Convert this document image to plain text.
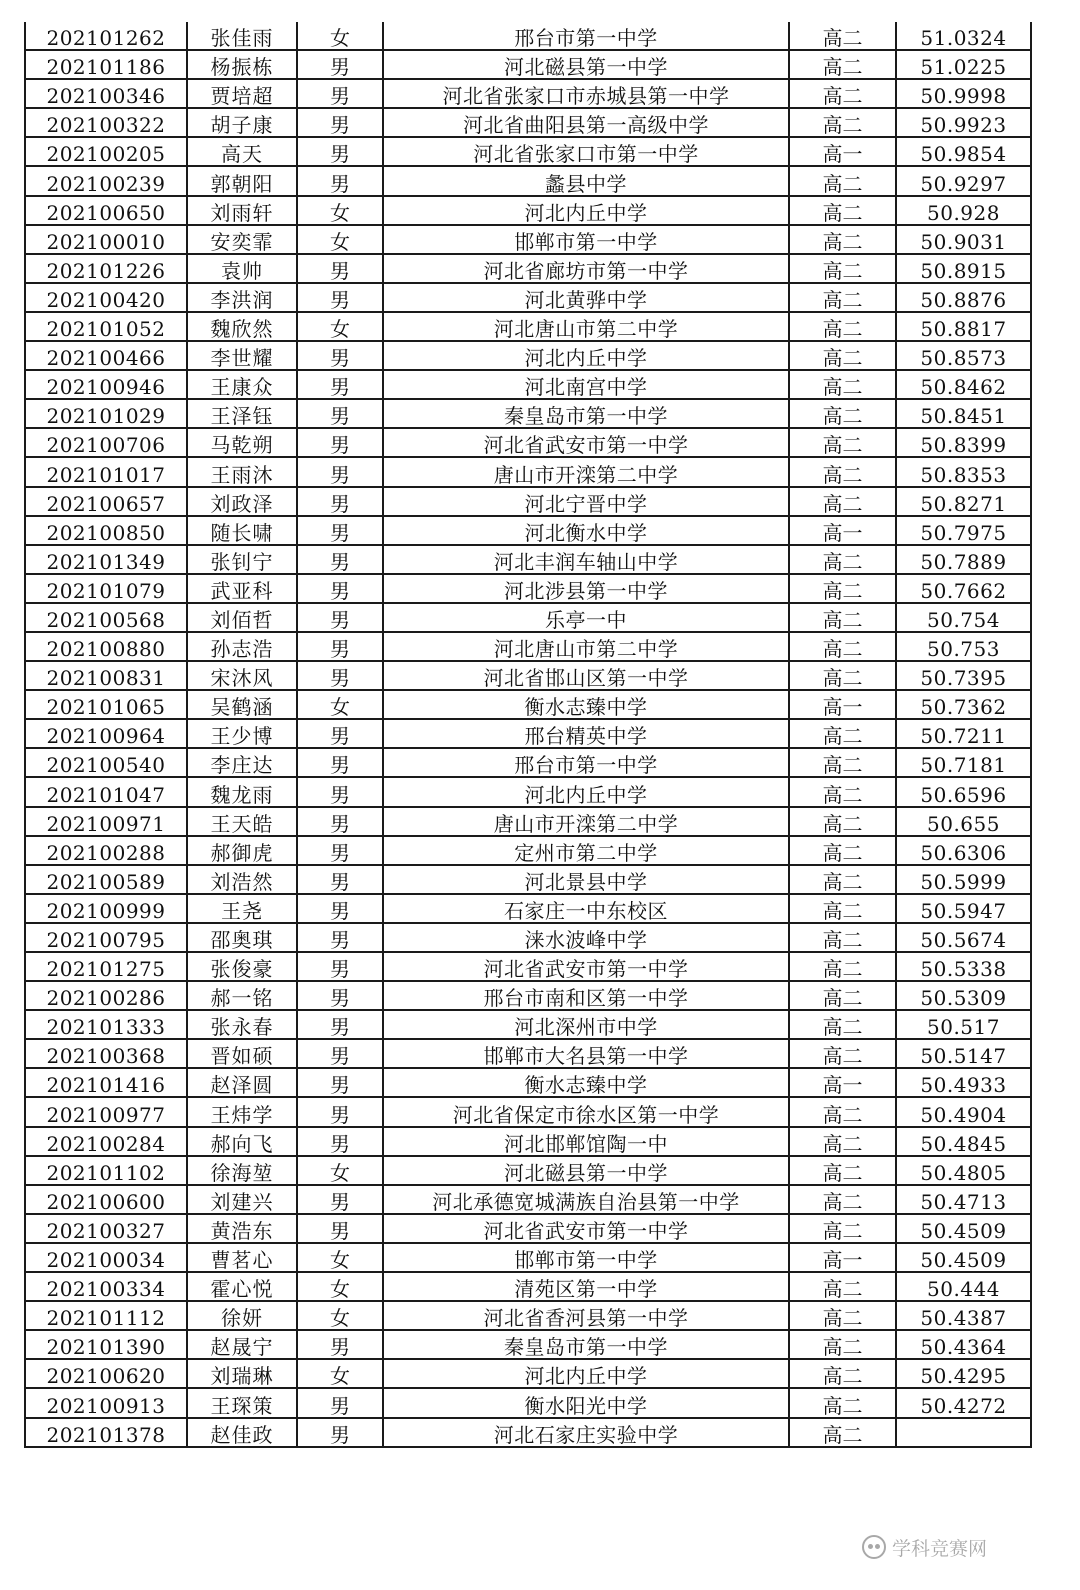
202101262	张佳雨	女	邢台市第一中学	高二	51.0324
202101186	杨振栋	男	河北磁县第一中学	高二	51.0225
202100346	贾培超	男	河北省张家口市赤城县第一中学	高二	50.9998
202100322	胡子康	男	河北省曲阳县第一高级中学	高二	50.9923
202100205	高天	男	河北省张家口市第一中学	高一	50.9854
202100239	郭朝阳	男	蠡县中学	高二	50.9297
202100650	刘雨轩	女	河北内丘中学	高二	50.928
202100010	安奕霏	女	邯郸市第一中学	高二	50.9031
202101226	袁帅	男	河北省廊坊市第一中学	高二	50.8915
202100420	李洪润	男	河北黄骅中学	高二	50.8876
202101052	魏欣然	女	河北唐山市第二中学	高二	50.8817
202100466	李世耀	男	河北内丘中学	高二	50.8573
202100946	王康众	男	河北南宫中学	高二	50.8462
202101029	王泽钰	男	秦皇岛市第一中学	高二	50.8451
202100706	马乾朔	男	河北省武安市第一中学	高二	50.8399
202101017	王雨沐	男	唐山市开滦第二中学	高二	50.8353
202100657	刘政泽	男	河北宁晋中学	高二	50.8271
202100850	随长啸	男	河北衡水中学	高一	50.7975
202101349	张钊宁	男	河北丰润车轴山中学	高二	50.7889
202101079	武亚科	男	河北涉县第一中学	高二	50.7662
202100568	刘佰哲	男	乐亭一中	高二	50.754
202100880	孙志浩	男	河北唐山市第二中学	高二	50.753
202100831	宋沐风	男	河北省邯山区第一中学	高二	50.7395
202101065	吴鹤涵	女	衡水志臻中学	高一	50.7362
202100964	王少博	男	邢台精英中学	高二	50.7211
202100540	李庄达	男	邢台市第一中学	高二	50.7181
202101047	魏龙雨	男	河北内丘中学	高二	50.6596
202100971	王天皓	男	唐山市开滦第二中学	高二	50.655
202100288	郝御虎	男	定州市第二中学	高二	50.6306
202100589	刘浩然	男	河北景县中学	高二	50.5999
202100999	王尧	男	石家庄一中东校区	高二	50.5947
202100795	邵奥琪	男	涞水波峰中学	高二	50.5674
202101275	张俊豪	男	河北省武安市第一中学	高二	50.5338
202100286	郝一铭	男	邢台市南和区第一中学	高二	50.5309
202101333	张永春	男	河北深州市中学	高二	50.517
202100368	晋如硕	男	邯郸市大名县第一中学	高二	50.5147
202101416	赵泽圆	男	衡水志臻中学	高一	50.4933
202100977	王炜学	男	河北省保定市徐水区第一中学	高二	50.4904
202100284	郝向飞	男	河北邯郸馆陶一中	高二	50.4845
202101102	徐海堃	女	河北磁县第一中学	高二	50.4805
202100600	刘建兴	男	河北承德宽城满族自治县第一中学	高二	50.4713
202100327	黄浩东	男	河北省武安市第一中学	高二	50.4509
202100034	曹茗心	女	邯郸市第一中学	高一	50.4509
202100334	霍心悦	女	清苑区第一中学	高二	50.444
202101112	徐妍	女	河北省香河县第一中学	高二	50.4387
202101390	赵晟宁	男	秦皇岛市第一中学	高二	50.4364
202100620	刘瑞琳	女	河北内丘中学	高二	50.4295
202100913	王琛策	男	衡水阳光中学	高二	50.4272
202101378	赵佳政	男	河北石家庄实验中学	高二	
学科竞赛网
